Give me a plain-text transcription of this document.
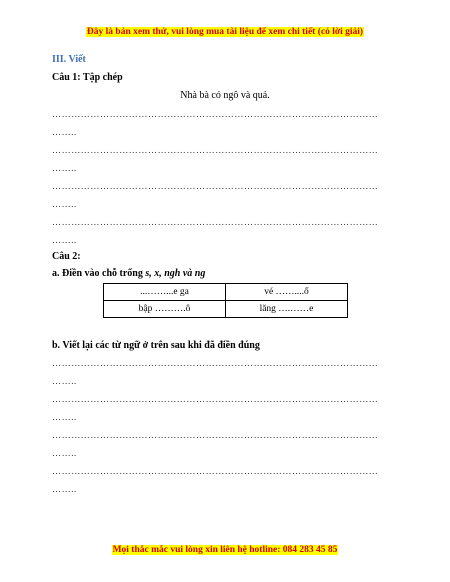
Đây là bản xem thử, vui lòng mua tài liệu để xem chi tiết (có lời giải)
III. Viết
Câu 1: Tập chép
Nhà bà có ngô và quả.
…………………………………………………………………………………………
……..
…………………………………………………………………………………………
……..
…………………………………………………………………………………………
……..
…………………………………………………………………………………………
……..
Câu 2:
a. Điền vào chỗ trống s, x, ngh và ng
...……...e ga	vé ……....ố
bập ……….ô	lăng ….……e
b. Viết lại các từ ngữ ở trên sau khi đã điền đúng
…………………………………………………………………………………………
……..
…………………………………………………………………………………………
……..
…………………………………………………………………………………………
……..
…………………………………………………………………………………………
……..
Mọi thắc mắc vui lòng xin liên hệ hotline: 084 283 45 85
